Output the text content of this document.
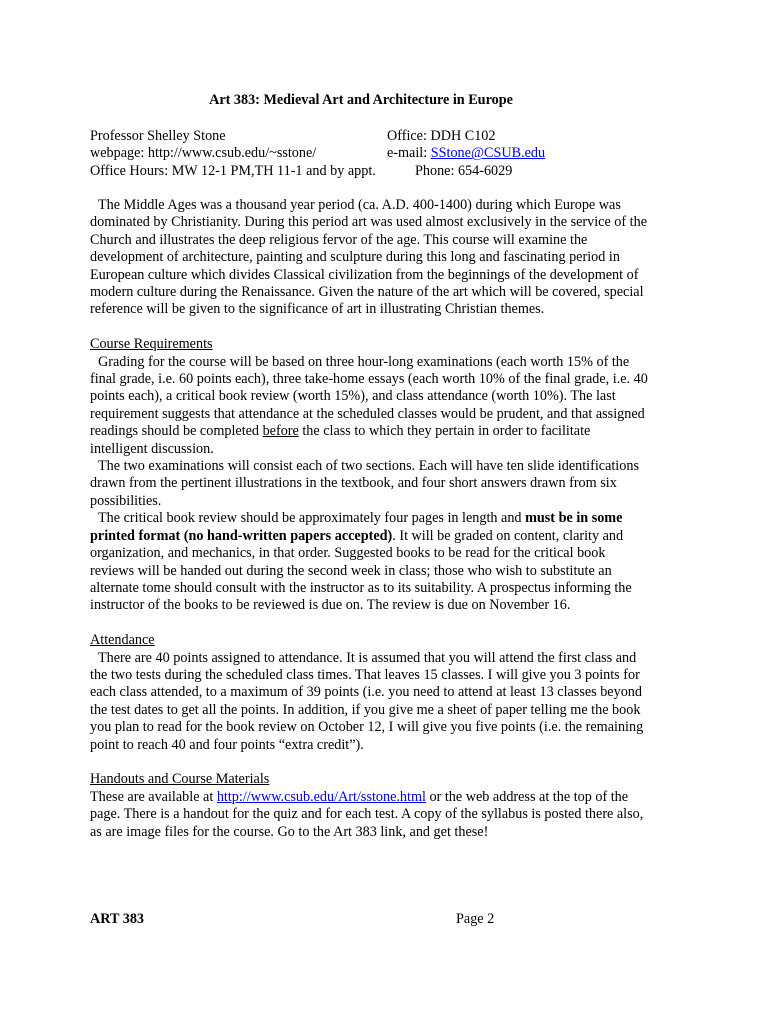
Art 383: Medieval Art and Architecture in Europe
Professor Shelley Stone	Office: DDH C102
webpage: http://www.csub.edu/~sstone/	e-mail: SStone@CSUB.edu
Office Hours: MW 12-1 PM,TH 11-1 and by appt.	Phone: 654-6029

The Middle Ages was a thousand year period (ca. A.D. 400-1400) during which Europe was dominated by Christianity. During this period art was used almost exclusively in the service of the Church and illustrates the deep religious fervor of the age. This course will examine the development of architecture, painting and sculpture during this long and fascinating period in European culture which divides Classical civilization from the beginnings of the development of modern culture during the Renaissance. Given the nature of the art which will be covered, special reference will be given to the significance of art in illustrating Christian themes.

Course Requirements

Grading for the course will be based on three hour-long examinations (each worth 15% of the final grade, i.e. 60 points each), three take-home essays (each worth 10% of the final grade, i.e. 40 points each), a critical book review (worth 15%), and class attendance (worth 10%). The last requirement suggests that attendance at the scheduled classes would be prudent, and that assigned readings should be completed before the class to which they pertain in order to facilitate intelligent discussion.

The two examinations will consist each of two sections. Each will have ten slide identifications drawn from the pertinent illustrations in the textbook, and four short answers drawn from six possibilities.

The critical book review should be approximately four pages in length and must be in some printed format (no hand-written papers accepted). It will be graded on content, clarity and organization, and mechanics, in that order. Suggested books to be read for the critical book reviews will be handed out during the second week in class; those who wish to substitute an alternate tome should consult with the instructor as to its suitability. A prospectus informing the instructor of the books to be reviewed is due on. The review is due on November 16.

Attendance

There are 40 points assigned to attendance. It is assumed that you will attend the first class and the two tests during the scheduled class times. That leaves 15 classes. I will give you 3 points for each class attended, to a maximum of 39 points (i.e. you need to attend at least 13 classes beyond the test dates to get all the points. In addition, if you give me a sheet of paper telling me the book you plan to read for the book review on October 12, I will give you five points (i.e. the remaining point to reach 40 and four points “extra credit”).

Handouts and Course Materials

These are available at http://www.csub.edu/Art/sstone.html or the web address at the top of the page. There is a handout for the quiz and for each test. A copy of the syllabus is posted there also, as are image files for the course. Go to the Art 383 link, and get these!

ART 383	Page 2
